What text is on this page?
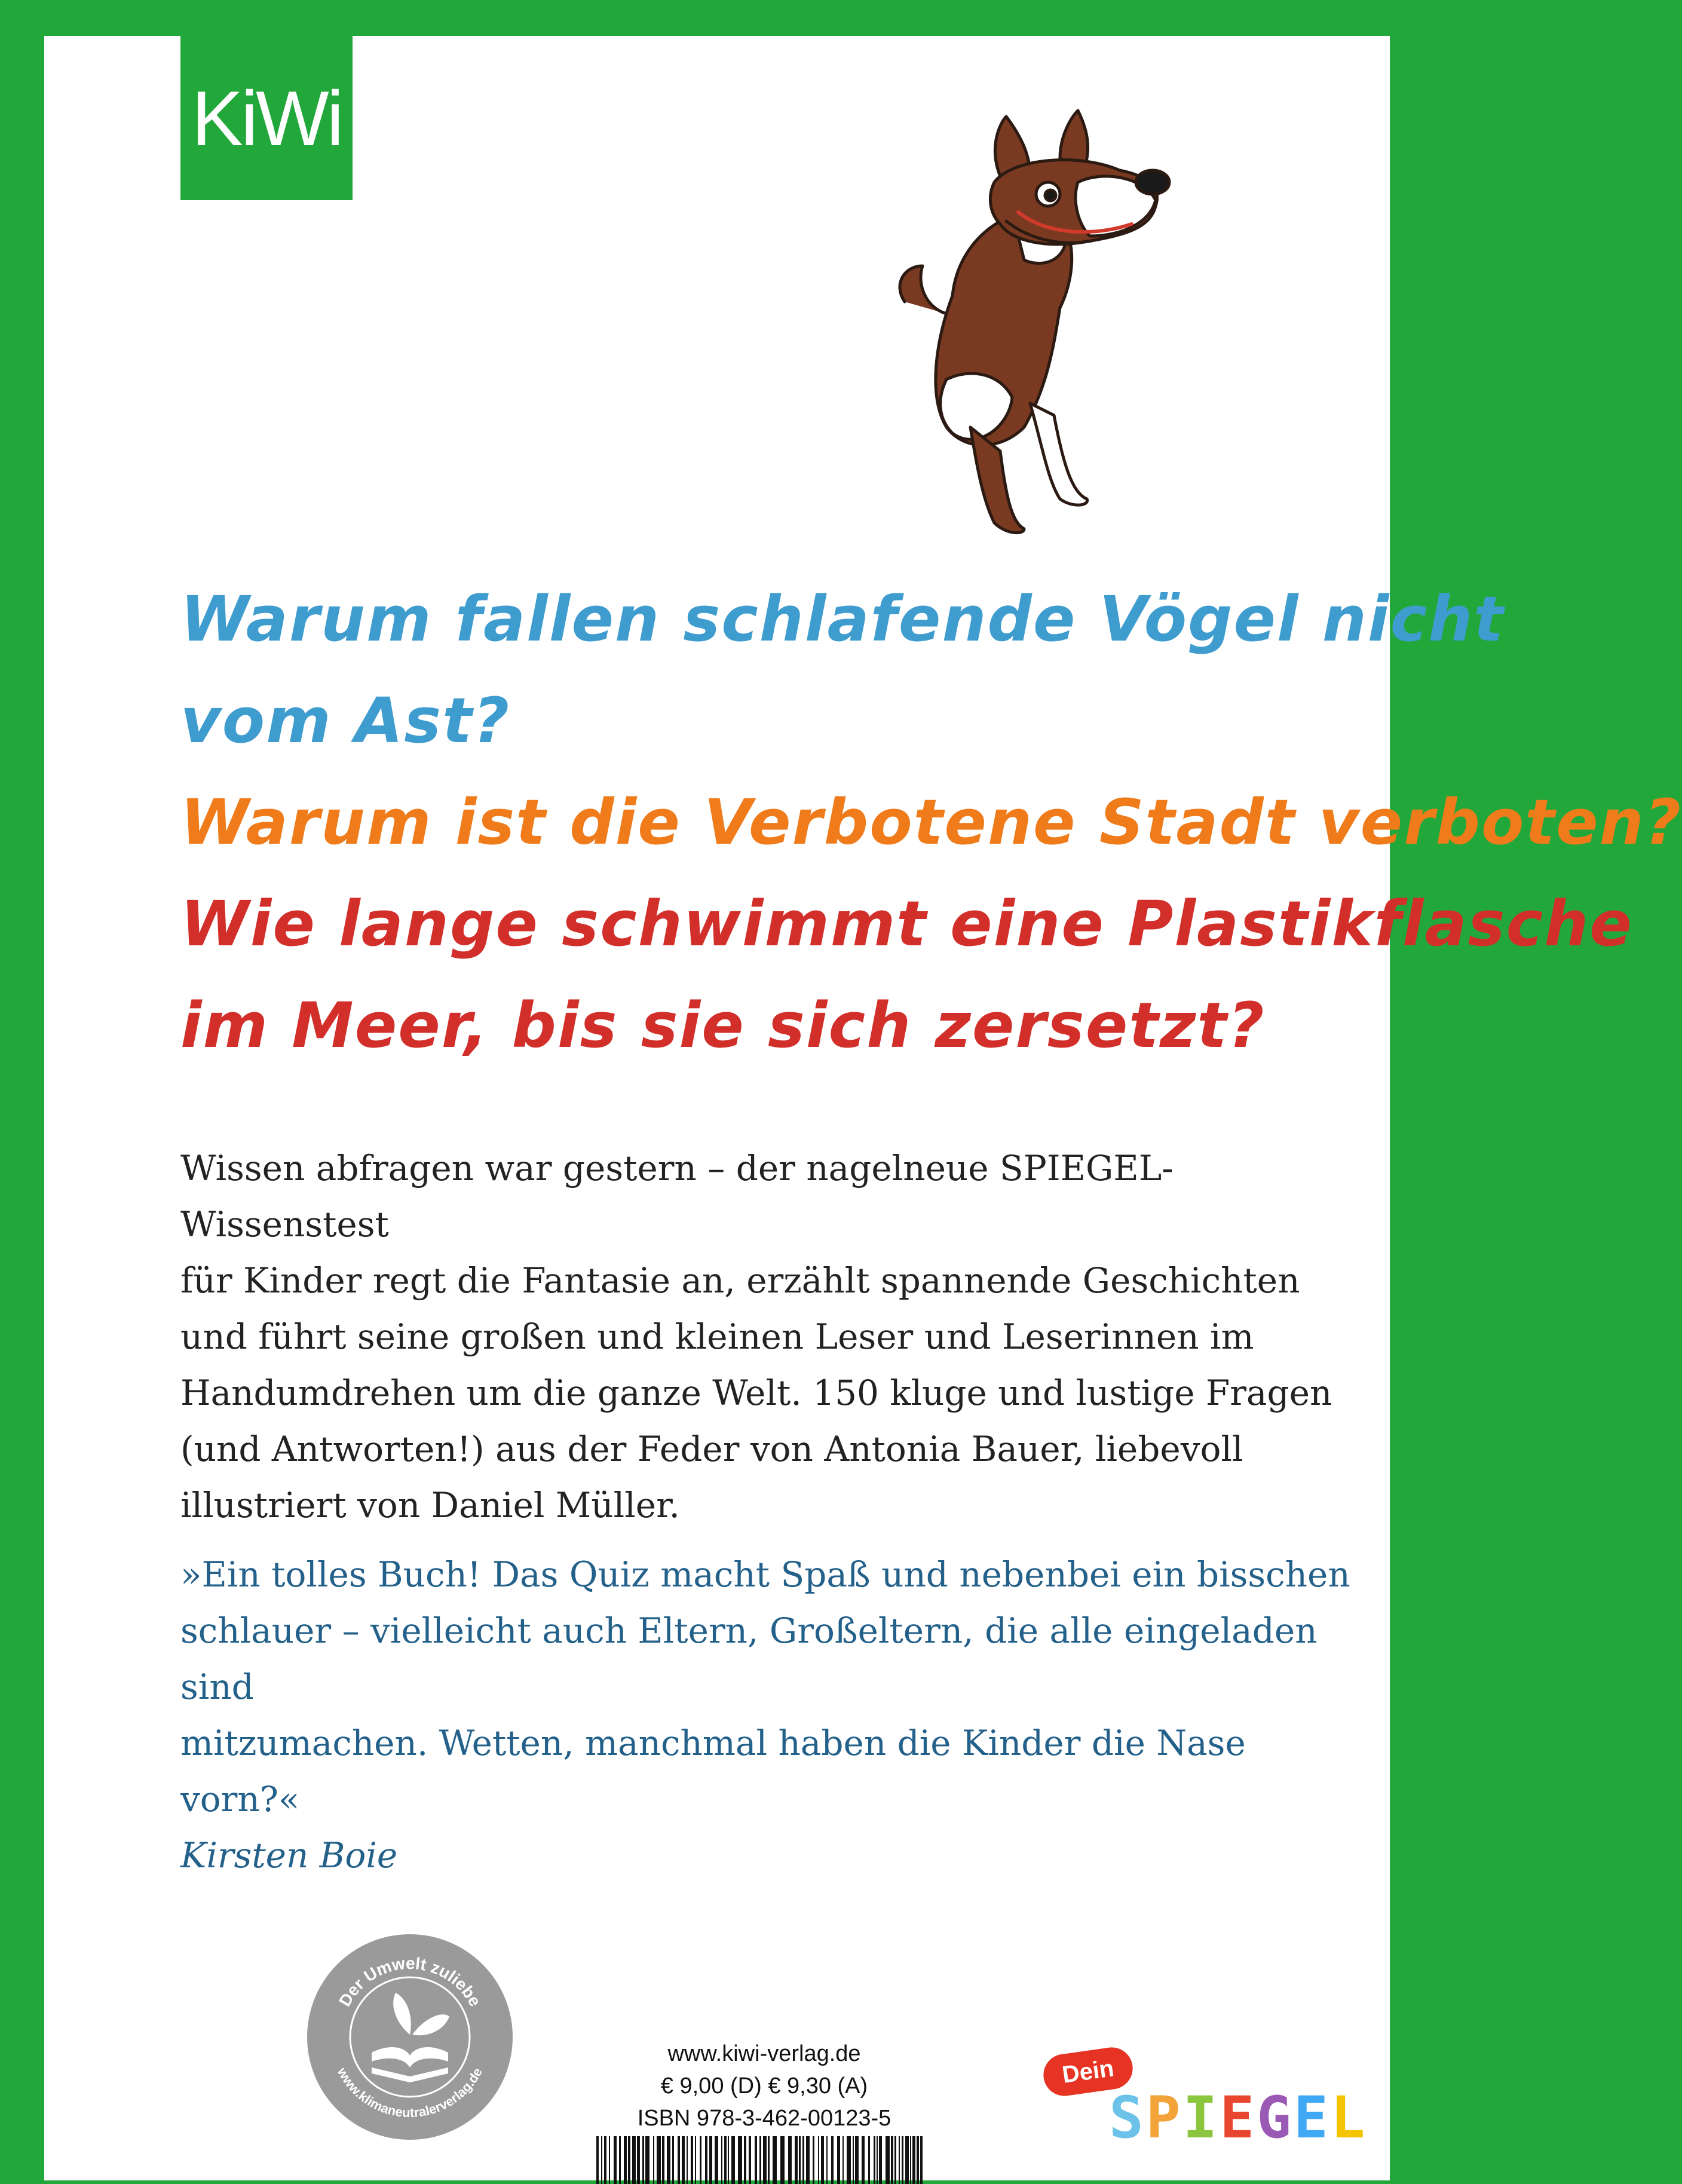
KiWi
Warum fallen schlafende Vögel nicht
vom Ast?
Warum ist die Verbotene Stadt verboten?
Wie lange schwimmt eine Plastikflasche
im Meer, bis sie sich zersetzt?
Wissen abfragen war gestern – der nagelneue SPIEGEL-Wissenstest
für Kinder regt die Fantasie an, erzählt spannende Geschichten
und führt seine großen und kleinen Leser und Leserinnen im
Handumdrehen um die ganze Welt. 150 kluge und lustige Fragen
(und Antworten!) aus der Feder von Antonia Bauer, liebevoll
illustriert von Daniel Müller.
»Ein tolles Buch! Das Quiz macht Spaß und nebenbei ein bisschen
schlauer – vielleicht auch Eltern, Großeltern, die alle eingeladen sind
mitzumachen. Wetten, manchmal haben die Kinder die Nase vorn?«
Kirsten Boie
Der Umwelt zuliebe
www.klimaneutralerverlag.de
www.kiwi-verlag.de
€ 9,00 (D) € 9,30 (A)
ISBN 978-3-462-00123-5
Dein
SPIEGEL
